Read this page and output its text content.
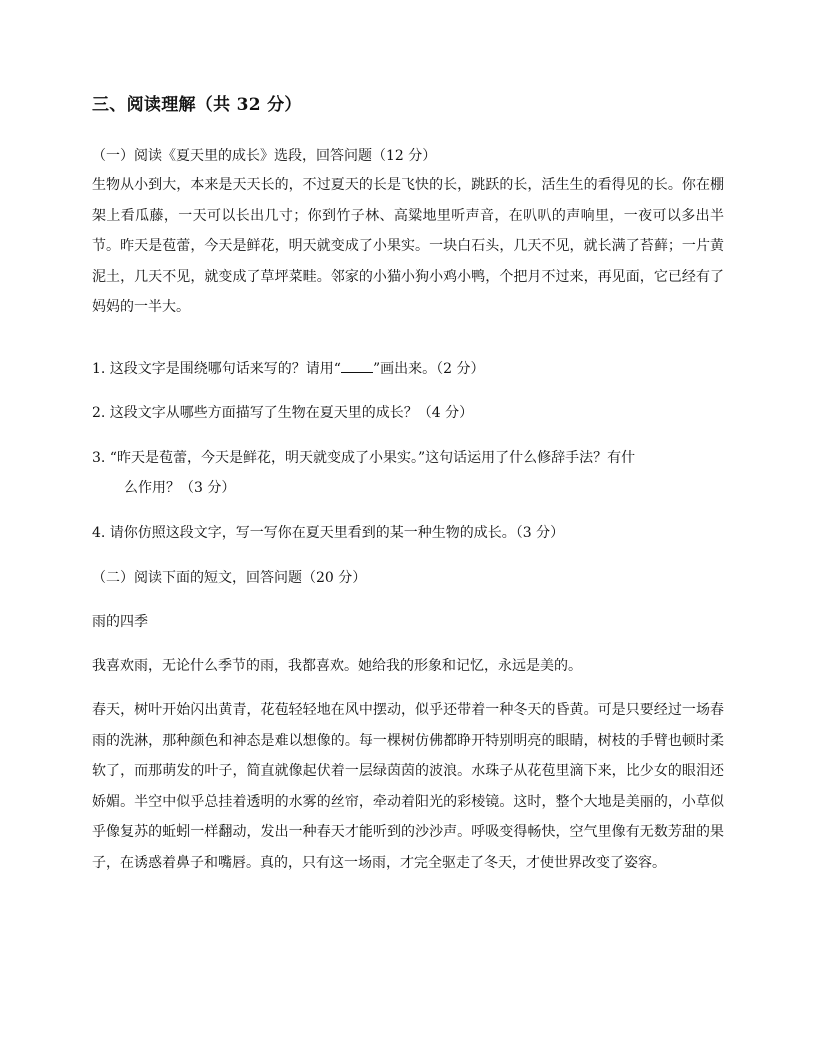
三、阅读理解（共 32 分）
（一）阅读《夏天里的成长》选段，回答问题（12 分）
生物从小到大，本来是天天长的，不过夏天的长是飞快的长，跳跃的长，活生生的看得见的长。你在棚架上看瓜藤，一天可以长出几寸；你到竹子林、高粱地里听声音，在叭叭的声响里，一夜可以多出半节。昨天是苞蕾，今天是鲜花，明天就变成了小果实。一块白石头，几天不见，就长满了苔藓；一片黄泥土，几天不见，就变成了草坪菜畦。邻家的小猫小狗小鸡小鸭，个把月不过来，再见面，它已经有了妈妈的一半大。
1. 这段文字是围绕哪句话来写的？请用“ ”画出来。（2 分）
2. 这段文字从哪些方面描写了生物在夏天里的成长？（4 分）
3. “昨天是苞蕾，今天是鲜花，明天就变成了小果实。”这句话运用了什么修辞手法？有什
么作用？（3 分）
4. 请你仿照这段文字，写一写你在夏天里看到的某一种生物的成长。（3 分）
（二）阅读下面的短文，回答问题（20 分）
雨的四季
我喜欢雨，无论什么季节的雨，我都喜欢。她给我的形象和记忆，永远是美的。
春天，树叶开始闪出黄青，花苞轻轻地在风中摆动，似乎还带着一种冬天的昏黄。可是只要经过一场春雨的洗淋，那种颜色和神态是难以想像的。每一棵树仿佛都睁开特别明亮的眼睛，树枝的手臂也顿时柔软了，而那萌发的叶子，简直就像起伏着一层绿茵茵的波浪。水珠子从花苞里滴下来，比少女的眼泪还娇媚。半空中似乎总挂着透明的水雾的丝帘，牵动着阳光的彩棱镜。这时，整个大地是美丽的，小草似乎像复苏的蚯蚓一样翻动，发出一种春天才能听到的沙沙声。呼吸变得畅快，空气里像有无数芳甜的果子，在诱惑着鼻子和嘴唇。真的，只有这一场雨，才完全驱走了冬天，才使世界改变了姿容。
